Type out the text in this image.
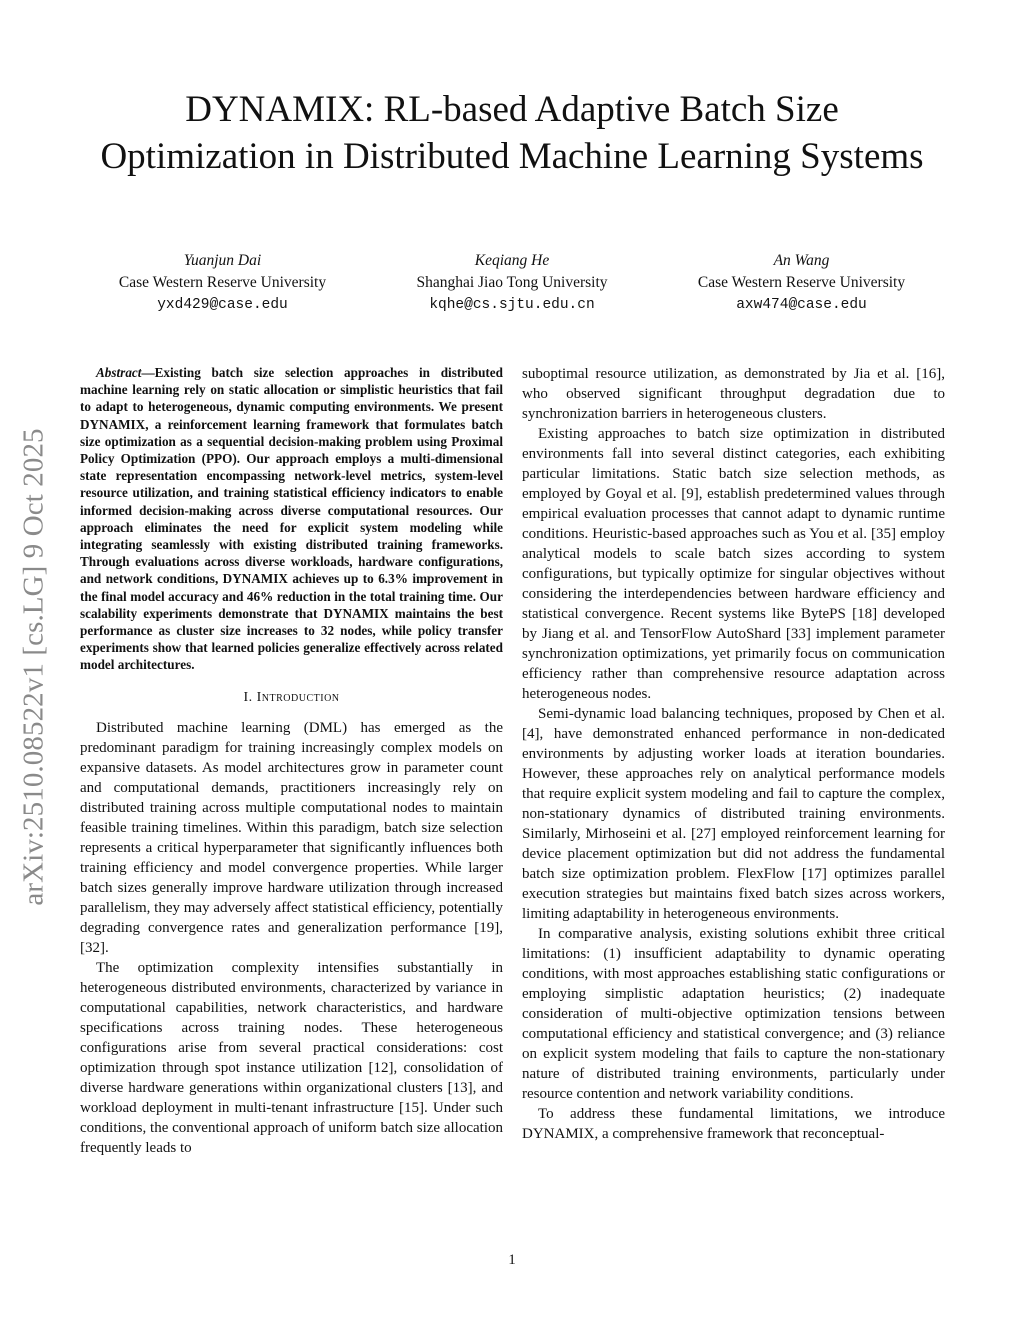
arXiv:2510.08522v1 [cs.LG] 9 Oct 2025
DYNAMIX: RL-based Adaptive Batch Size Optimization in Distributed Machine Learning Systems
Yuanjun Dai
Case Western Reserve University
yxd429@case.edu
Keqiang He
Shanghai Jiao Tong University
kqhe@cs.sjtu.edu.cn
An Wang
Case Western Reserve University
axw474@case.edu

Abstract—Existing batch size selection approaches in distributed machine learning rely on static allocation or simplistic heuristics that fail to adapt to heterogeneous, dynamic computing environments. We present DYNAMIX, a reinforcement learning framework that formulates batch size optimization as a sequential decision-making problem using Proximal Policy Optimization (PPO). Our approach employs a multi-dimensional state representation encompassing network-level metrics, system-level resource utilization, and training statistical efficiency indicators to enable informed decision-making across diverse computational resources. Our approach eliminates the need for explicit system modeling while integrating seamlessly with existing distributed training frameworks. Through evaluations across diverse workloads, hardware configurations, and network conditions, DYNAMIX achieves up to 6.3% improvement in the final model accuracy and 46% reduction in the total training time. Our scalability experiments demonstrate that DYNAMIX maintains the best performance as cluster size increases to 32 nodes, while policy transfer experiments show that learned policies generalize effectively across related model architectures.

I. Introduction

Distributed machine learning (DML) has emerged as the predominant paradigm for training increasingly complex models on expansive datasets. As model architectures grow in parameter count and computational demands, practitioners increasingly rely on distributed training across multiple computational nodes to maintain feasible training timelines. Within this paradigm, batch size selection represents a critical hyperparameter that significantly influences both training efficiency and model convergence properties. While larger batch sizes generally improve hardware utilization through increased parallelism, they may adversely affect statistical efficiency, potentially degrading convergence rates and generalization performance [19], [32].

The optimization complexity intensifies substantially in heterogeneous distributed environments, characterized by variance in computational capabilities, network characteristics, and hardware specifications across training nodes. These heterogeneous configurations arise from several practical considerations: cost optimization through spot instance utilization [12], consolidation of diverse hardware generations within organizational clusters [13], and workload deployment in multi-tenant infrastructure [15]. Under such conditions, the conventional approach of uniform batch size allocation frequently leads to

suboptimal resource utilization, as demonstrated by Jia et al. [16], who observed significant throughput degradation due to synchronization barriers in heterogeneous clusters.

Existing approaches to batch size optimization in distributed environments fall into several distinct categories, each exhibiting particular limitations. Static batch size selection methods, as employed by Goyal et al. [9], establish predetermined values through empirical evaluation processes that cannot adapt to dynamic runtime conditions. Heuristic-based approaches such as You et al. [35] employ analytical models to scale batch sizes according to system configurations, but typically optimize for singular objectives without considering the interdependencies between hardware efficiency and statistical convergence. Recent systems like BytePS [18] developed by Jiang et al. and TensorFlow AutoShard [33] implement parameter synchronization optimizations, yet primarily focus on communication efficiency rather than comprehensive resource adaptation across heterogeneous nodes.

Semi-dynamic load balancing techniques, proposed by Chen et al. [4], have demonstrated enhanced performance in non-dedicated environments by adjusting worker loads at iteration boundaries. However, these approaches rely on analytical performance models that require explicit system modeling and fail to capture the complex, non-stationary dynamics of distributed training environments. Similarly, Mirhoseini et al. [27] employed reinforcement learning for device placement optimization but did not address the fundamental batch size optimization problem. FlexFlow [17] optimizes parallel execution strategies but maintains fixed batch sizes across workers, limiting adaptability in heterogeneous environments.

In comparative analysis, existing solutions exhibit three critical limitations: (1) insufficient adaptability to dynamic operating conditions, with most approaches establishing static configurations or employing simplistic adaptation heuristics; (2) inadequate consideration of multi-objective optimization tensions between computational efficiency and statistical convergence; and (3) reliance on explicit system modeling that fails to capture the non-stationary nature of distributed training environments, particularly under resource contention and network variability conditions.

To address these fundamental limitations, we introduce DYNAMIX, a comprehensive framework that reconceptual-

1
